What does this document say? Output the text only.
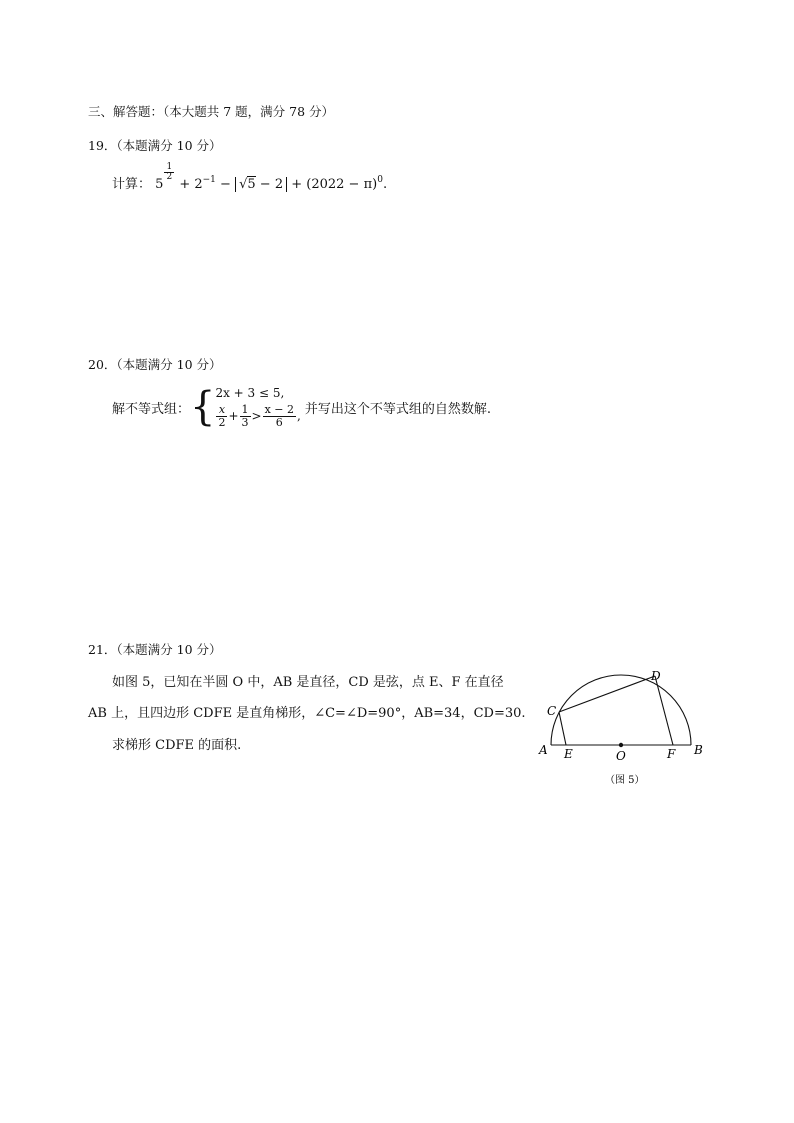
三、解答题：（本大题共 7 题，满分 78 分）
19．（本题满分 10 分）
计算： 5
$\frac{1}{2}$
+ $2^{-1} - √5 - 2 + (2022 - \pi)^0$.
20．（本题满分 10 分）
解不等式组： { 2x + 3 ≤ 5,
$\frac{x}{2} + \frac{1}{3} > \frac{x - 2}{6}$ , 并写出这个不等式组的自然数解.
21．（本题满分 10 分）
如图 5，已知在半圆 O 中，AB 是直径，CD 是弦，点 E、F 在直径
AB 上，且四边形 CDFE 是直角梯形，∠C=∠D=90°，AB=34，CD=30.
求梯形 CDFE 的面积.	A	B
C
D
E	F
O
（图 5）
